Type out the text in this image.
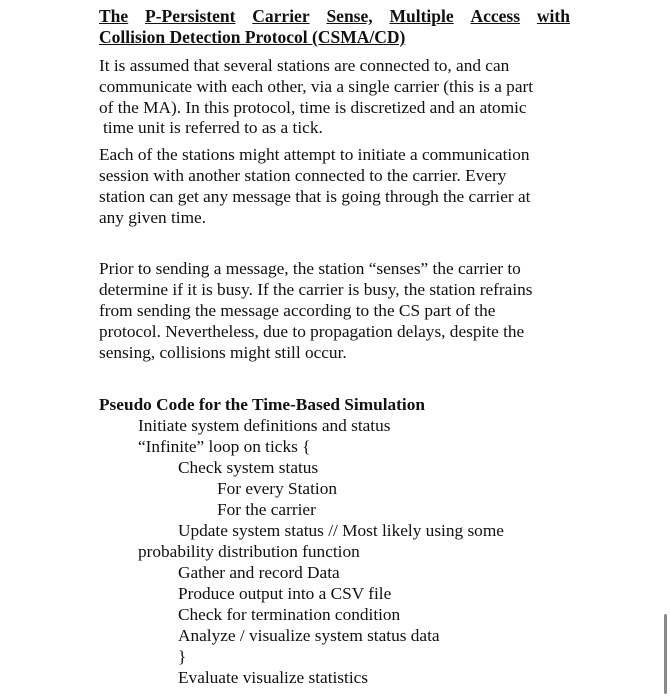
The P-Persistent Carrier Sense, Multiple Access with
Collision Detection Protocol (CSMA/CD)
It is assumed that several stations are connected to, and can
communicate with each other, via a single carrier (this is a part
of the MA). In this protocol, time is discretized and an atomic
time unit is referred to as a tick.
Each of the stations might attempt to initiate a communication
session with another station connected to the carrier. Every
station can get any message that is going through the carrier at
any given time.
Prior to sending a message, the station “senses” the carrier to
determine if it is busy. If the carrier is busy, the station refrains
from sending the message according to the CS part of the
protocol. Nevertheless, due to propagation delays, despite the
sensing, collisions might still occur.
Pseudo Code for the Time-Based Simulation
Initiate system definitions and status
“Infinite” loop on ticks {
Check system status
For every Station
For the carrier
Update system status // Most likely using some
probability distribution function
Gather and record Data
Produce output into a CSV file
Check for termination condition
Analyze / visualize system status data
}
Evaluate visualize statistics
